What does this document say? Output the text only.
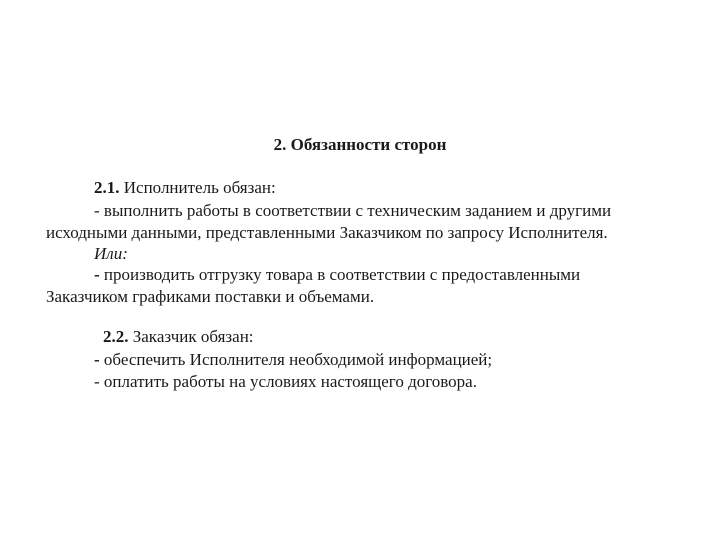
2. Обязанности сторон
2.1. Исполнитель обязан:
- выполнить работы в соответствии с техническим заданием и другими
исходными данными, представленными Заказчиком по запросу Исполнителя.
Или:
- производить отгрузку товара в соответствии с предоставленными
Заказчиком графиками поставки и объемами.
2.2. Заказчик обязан:
- обеспечить Исполнителя необходимой информацией;
- оплатить работы на условиях настоящего договора.
